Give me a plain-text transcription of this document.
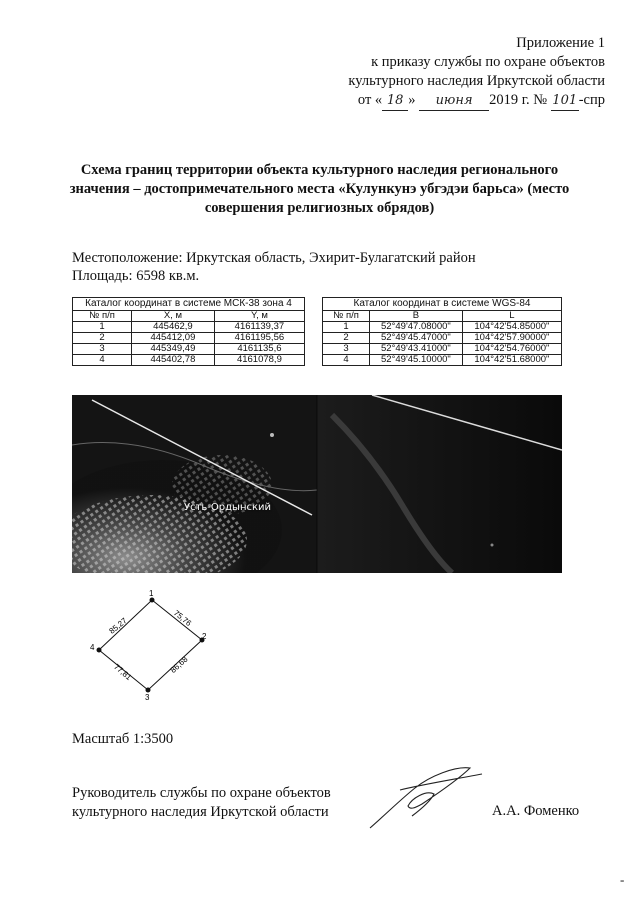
Приложение 1
к приказу службы по охране объектов
культурного наследия Иркутской области
от « 18 » июня 2019 г. № 101 -спр
Схема границ территории объекта культурного наследия регионального
значения – достопримечательного места «Кулункунэ убгэдэи барьса» (место
совершения религиозных обрядов)
Местоположение: Иркутская область, Эхирит-Булагатский район
Площадь: 6598 кв.м.
Каталог координат в системе МСК-38 зона 4		
№ п/п	X, м	Y, м
1	445462,9	4161139,37
2	445412,09	4161195,56
3	445349,49	4161135,6
4	445402,78	4161078,9
Каталог координат в системе WGS-84		
№ п/п	B	L
1	52°49'47.08000"	104°42'54.85000"
2	52°49'45.47000"	104°42'57.90000"
3	52°49'43.41000"	104°42'54.76000"
4	52°49'45.10000"	104°42'51.68000"
Усть-Ордынский
1
2
3
4
75,76
86,68
77,81
85,27
Масштаб 1:3500
Руководитель службы по охране объектов
культурного наследия Иркутской области	А.А. Фоменко
-
